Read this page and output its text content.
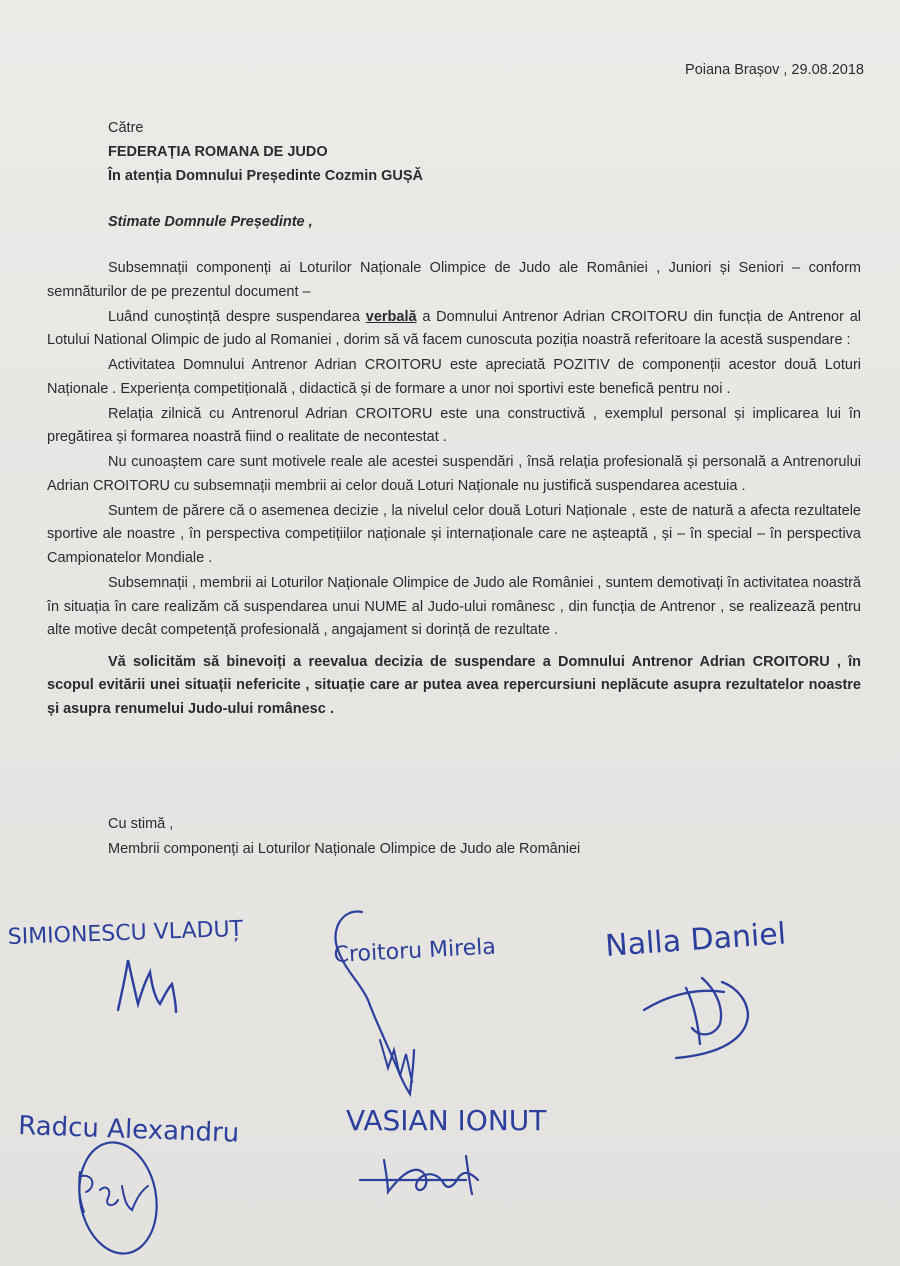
Poiana Brașov , 29.08.2018
Către
FEDERAȚIA ROMANA DE JUDO
În atenția Domnului Președinte Cozmin GUȘĂ
Stimate Domnule Președinte ,

Subsemnații componenți ai Loturilor Naționale Olimpice de Judo ale României , Juniori și Seniori – conform semnăturilor de pe prezentul document –

Luând cunoștință despre suspendarea verbală a Domnului Antrenor Adrian CROITORU din funcția de Antrenor al Lotului National Olimpic de judo al Romaniei , dorim să vă facem cunoscuta poziția noastră referitoare la acestă suspendare :

Activitatea Domnului Antrenor Adrian CROITORU este apreciată POZITIV de componenții acestor două Loturi Naționale . Experiența competițională , didactică și de formare a unor noi sportivi este benefică pentru noi .

Relația zilnică cu Antrenorul Adrian CROITORU este una constructivă , exemplul personal și implicarea lui în pregătirea și formarea noastră fiind o realitate de necontestat .

Nu cunoaștem care sunt motivele reale ale acestei suspendări , însă relația profesională și personală a Antrenorului Adrian CROITORU cu subsemnații membrii ai celor două Loturi Naționale nu justifică suspendarea acestuia .

Suntem de părere că o asemenea decizie , la nivelul celor două Loturi Naționale , este de natură a afecta rezultatele sportive ale noastre , în perspectiva competițiilor naționale și internaționale care ne așteaptă , și – în special – în perspectiva Campionatelor Mondiale .

Subsemnații , membrii ai Loturilor Naționale Olimpice de Judo ale României , suntem demotivați în activitatea noastră în situația în care realizăm că suspendarea unui NUME al Judo-ului românesc , din funcția de Antrenor , se realizează pentru alte motive decât competență profesională , angajament si dorință de rezultate .

Vă solicităm să binevoiți a reevalua decizia de suspendare a Domnului Antrenor Adrian CROITORU , în scopul evitării unei situații nefericite , situație care ar putea avea repercursiuni neplăcute asupra rezultatelor noastre și asupra renumelui Judo-ului românesc .

Cu stimă ,
Membrii componenți ai Loturilor Naționale Olimpice de Judo ale României
SIMIONESCU VLADUȚ
Croitoru Mirela	Nalla Daniel
Radcu Alexandru	VASIAN IONUT
